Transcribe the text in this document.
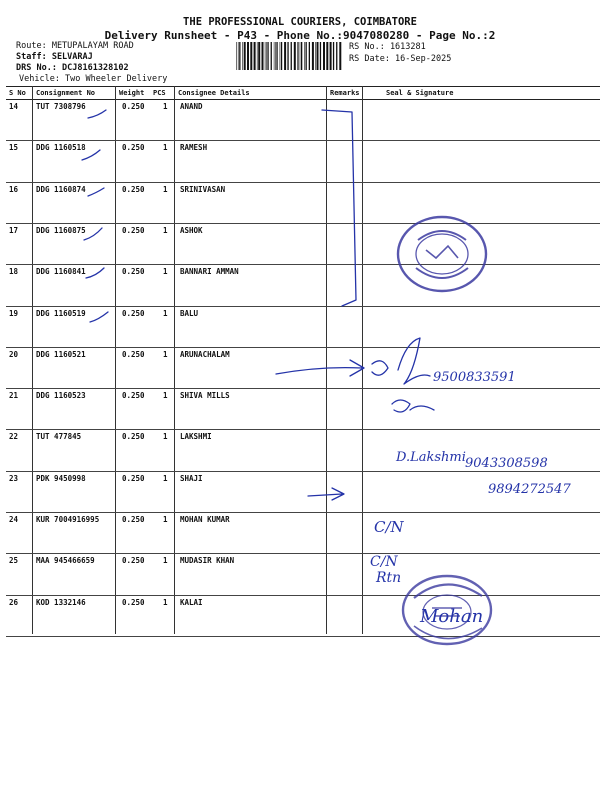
THE PROFESSIONAL COURIERS, COIMBATORE
Delivery Runsheet - P43 - Phone No.:9047080280 - Page No.:2
Route: METUPALAYAM ROAD
Staff: SELVARAJ
DRS No.: DCJ8161328102
Vehicle: Two Wheeler Delivery
RS No.: 1613281
RS Date: 16-Sep-2025
S No Consignment No	Weight PCS Consignee Details	Remarks	Seal & Signature
14 TUT 7308796	0.250 1 ANAND
15 DDG 1160518	0.250 1 RAMESH
16 DDG 1160874	0.250 1 SRINIVASAN
17 DDG 1160875	0.250 1 ASHOK
18 DDG 1160841	0.250 1 BANNARI AMMAN
19 DDG 1160519	0.250 1 BALU
20 DDG 1160521	0.250 1 ARUNACHALAM
21 DDG 1160523	0.250 1 SHIVA MILLS
22 TUT 477845	0.250 1 LAKSHMI
23 PDK 9450998	0.250 1 SHAJI
24 KUR 7004916995	0.250 1 MOHAN KUMAR
25 MAA 945466659	0.250 1 MUDASIR KHAN
26 KOD 1332146	0.250 1 KALAI
9500833591
D.Lakshmi 9043308598
9894272547
C/N
C/N
Rtn
Mohan
